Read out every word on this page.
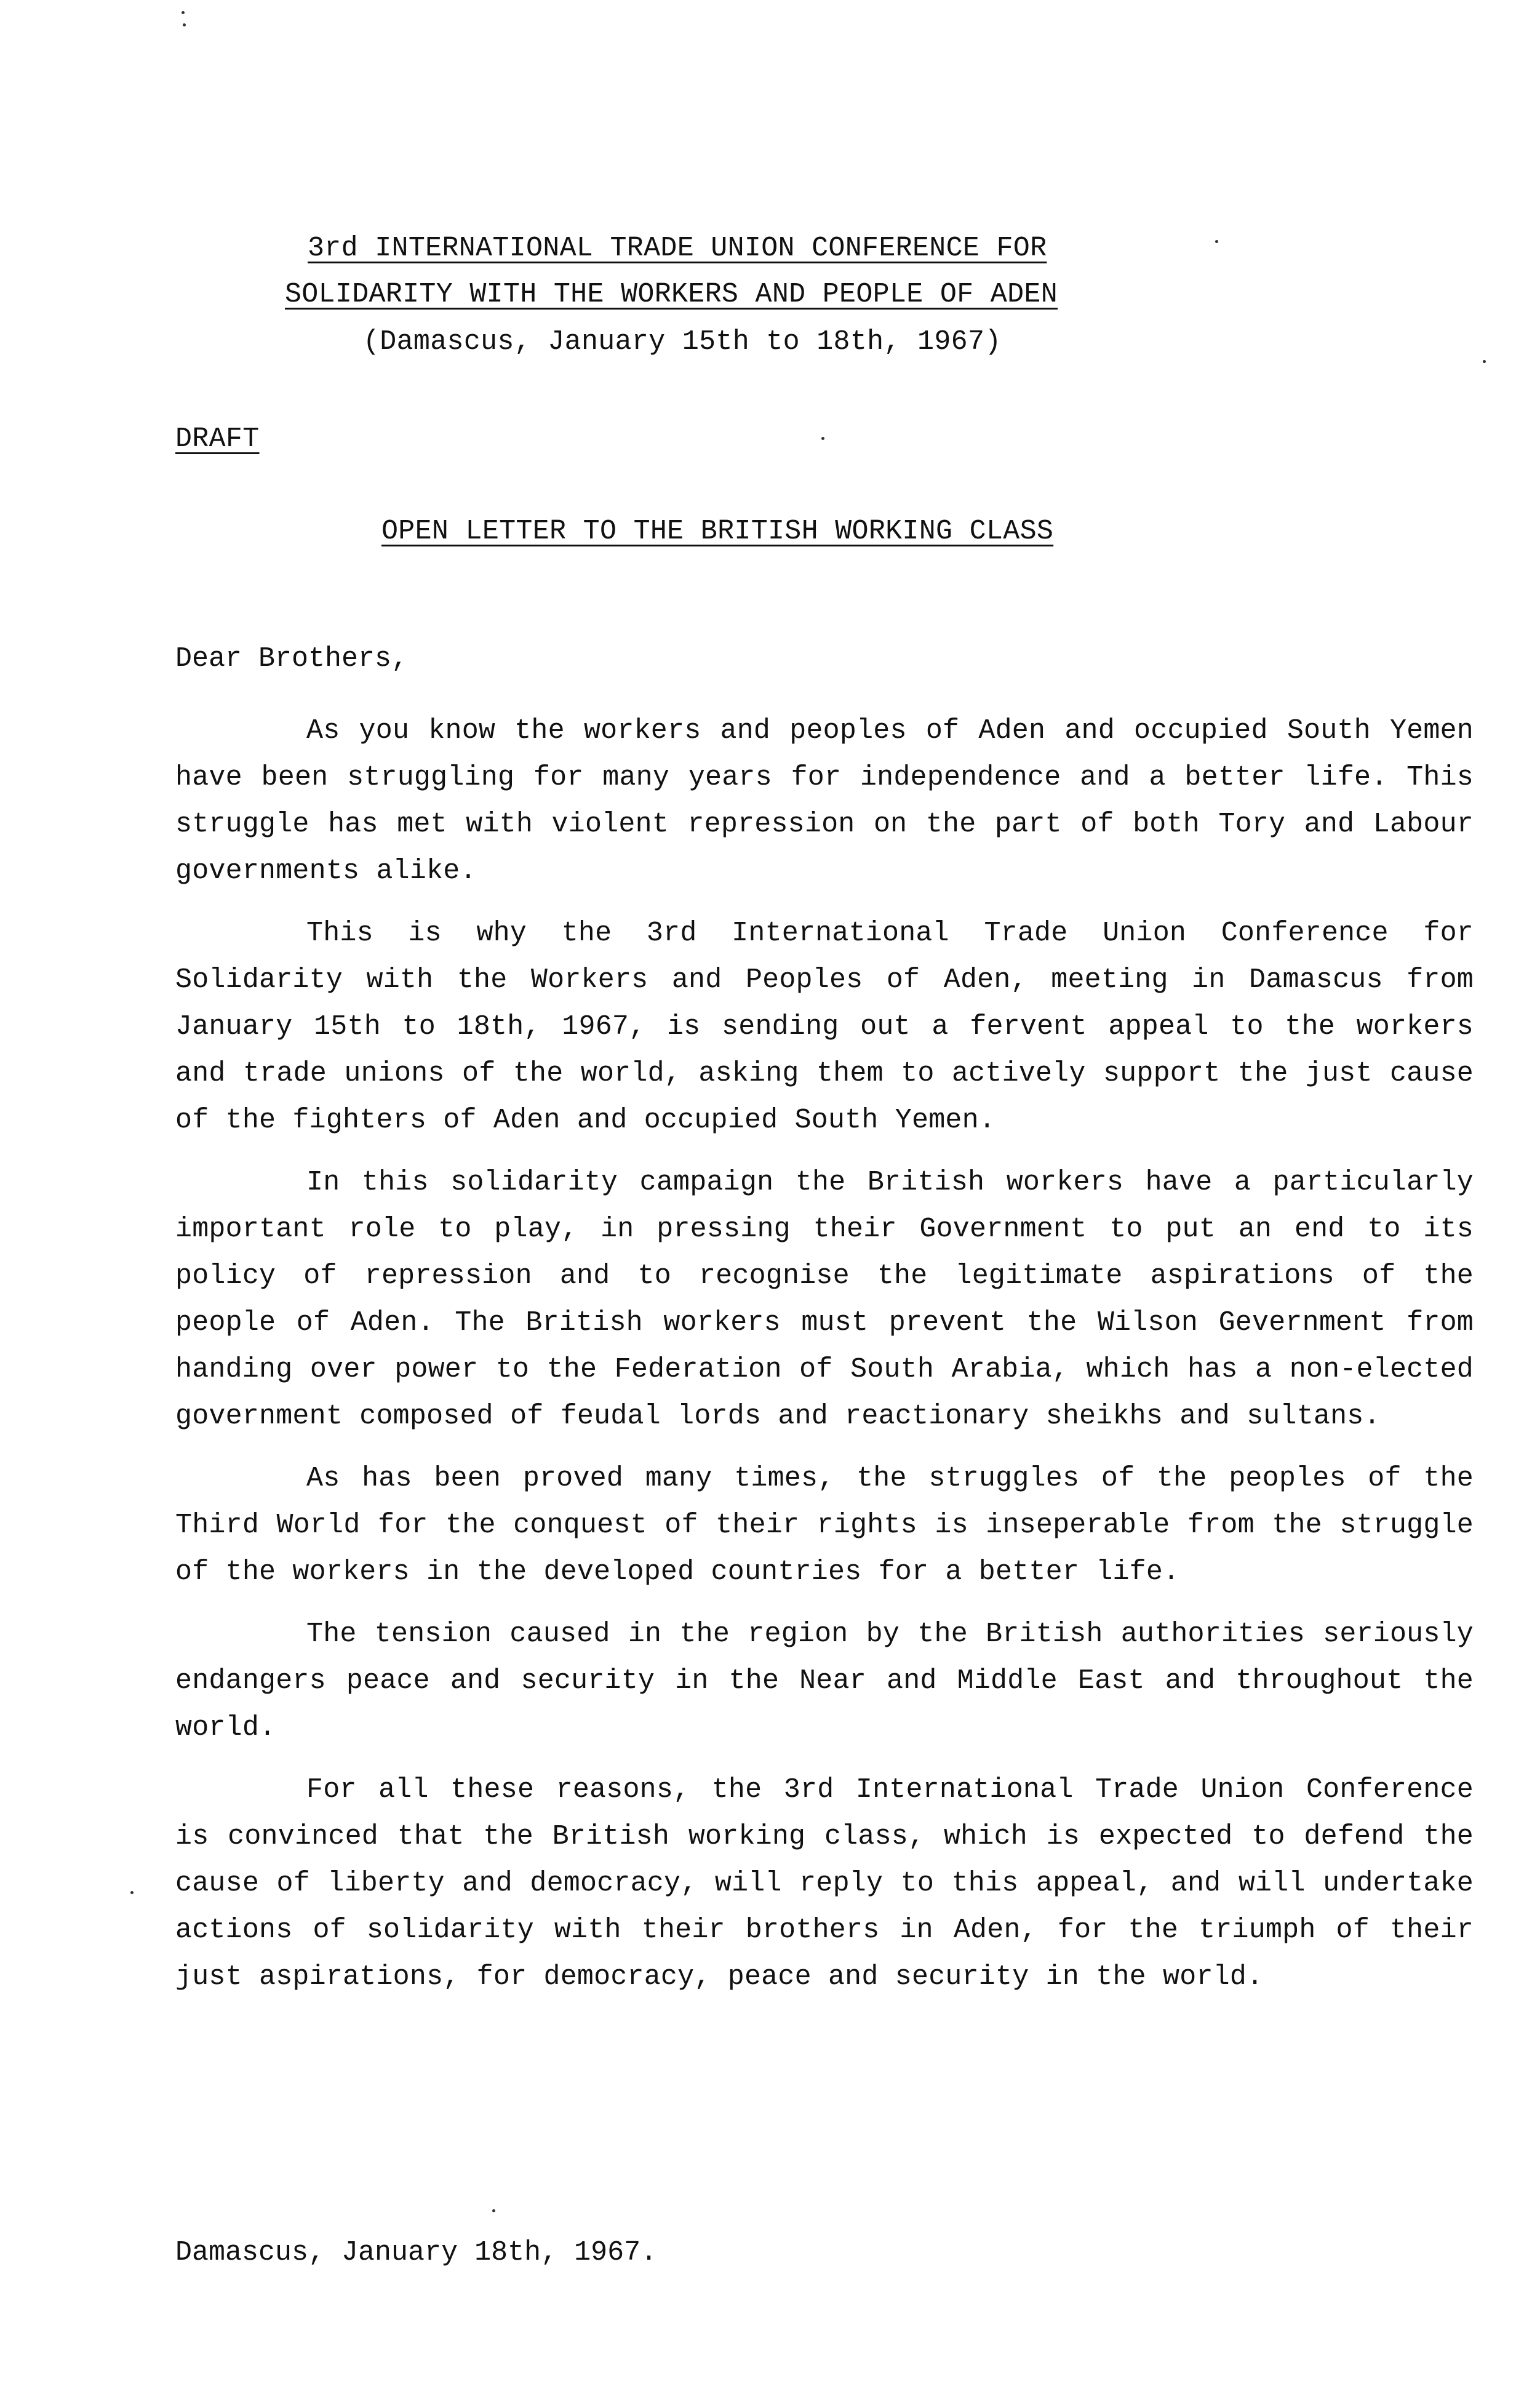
3rd INTERNATIONAL TRADE UNION CONFERENCE FOR
SOLIDARITY WITH THE WORKERS AND PEOPLE OF ADEN
(Damascus, January 15th to 18th, 1967)
DRAFT
OPEN LETTER TO THE BRITISH WORKING CLASS
Dear Brothers,

As you know the workers and peoples of Aden and occupied South Yemen have been struggling for many years for independence and a better life. This struggle has met with violent repression on the part of both Tory and Labour governments alike.

This is why the 3rd International Trade Union Conference for Solidarity with the Workers and Peoples of Aden, meeting in Damascus from January 15th to 18th, 1967, is sending out a fervent appeal to the workers and trade unions of the world, asking them to actively support the just cause of the fighters of Aden and occupied South Yemen.

In this solidarity campaign the British workers have a particularly important role to play, in pressing their Government to put an end to its policy of repression and to recognise the legitimate aspirations of the people of Aden. The British workers must prevent the Wilson Gevernment from handing over power to the Federation of South Arabia, which has a non-elected government composed of feudal lords and reactionary sheikhs and sultans.

As has been proved many times, the struggles of the peoples of the Third World for the conquest of their rights is inseperable from the struggle of the workers in the developed countries for a better life.

The tension caused in the region by the British authorities seriously endangers peace and security in the Near and Middle East and throughout the world.

For all these reasons, the 3rd International Trade Union Conference is convinced that the British working class, which is expected to defend the cause of liberty and democracy, will reply to this appeal, and will undertake actions of solidarity with their brothers in Aden, for the triumph of their just aspirations, for democracy, peace and security in the world.

Damascus, January 18th, 1967.
